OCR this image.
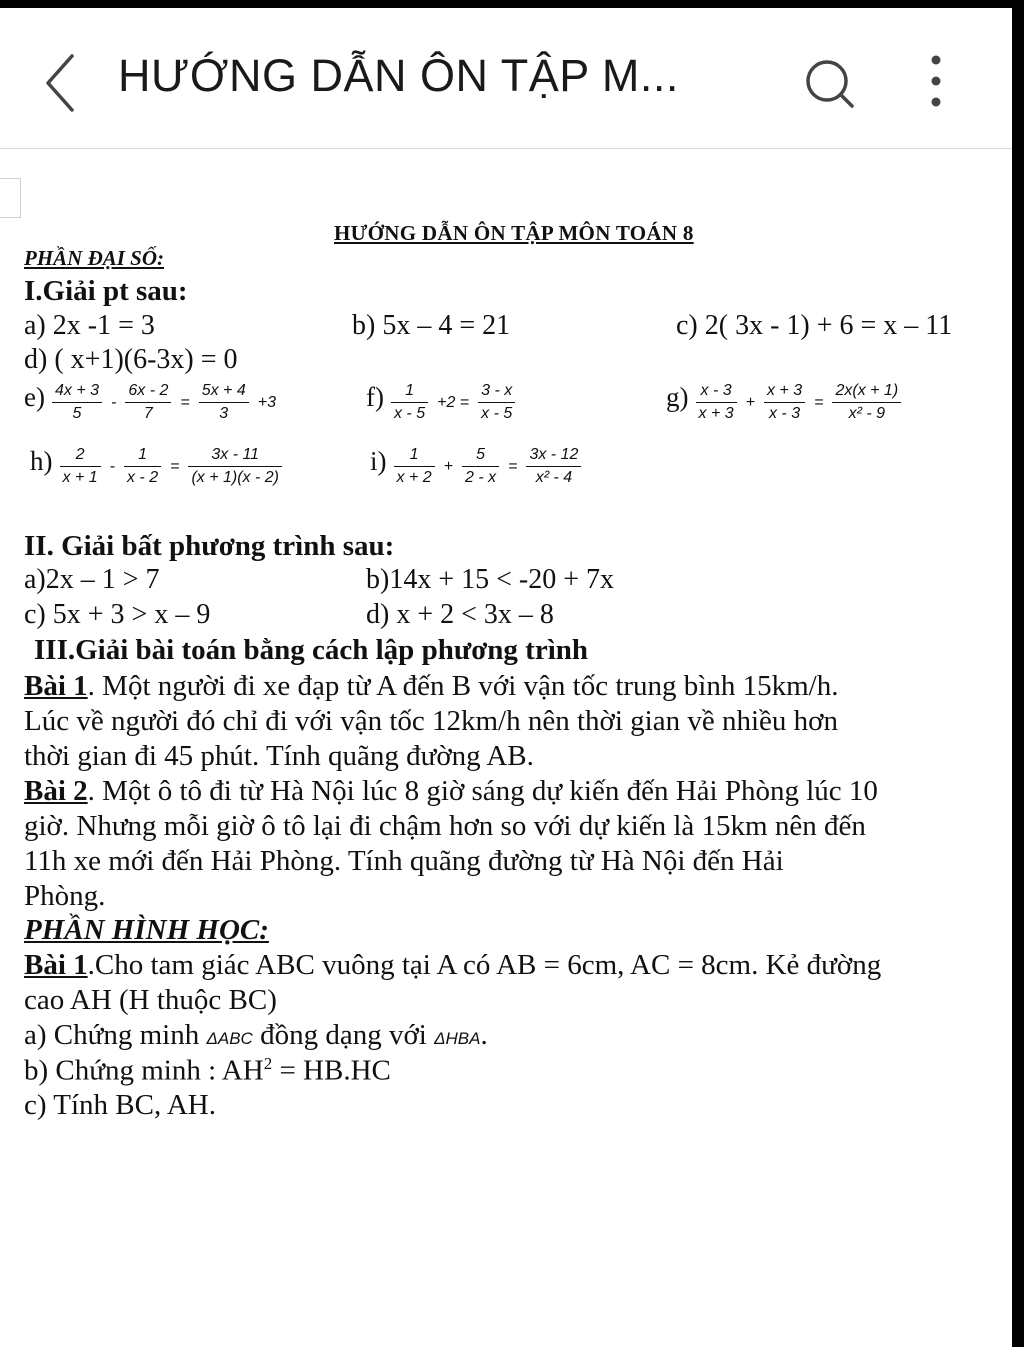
HƯỚNG DẪN ÔN TẬP M...
HƯỚNG DẪN ÔN TẬP MÔN TOÁN 8
PHẦN ĐẠI SỐ:
I.Giải pt sau:
a) 2x -1 = 3	b) 5x – 4 = 21	c) 2( 3x - 1) + 6 = x – 11
d) ( x+1)(6-3x) = 0
$e) \frac{4x + 3}{5} - \frac{6x - 2}{7} = \frac{5x + 4}{3} +3$	$f) \frac{1}{x - 5} +2 = \frac{3 - x}{x - 5}$	$g) \frac{x - 3}{x + 3} + \frac{x + 3}{x - 3} = \frac{2x(x + 1)}{\text{x² - 9}}$
$h) \frac{2}{x + 1} - \frac{1}{x - 2} = \frac{3x - 11}{(x + 1)(x - 2)}$	$i) \frac{1}{x + 2} + \frac{5}{2 - x} = \frac{3x - 12}{\text{x² - 4}}$
II. Giải bất phương trình sau:
a)2x – 1 > 7	b)14x + 15 < -20 + 7x
c) 5x + 3 > x – 9	d) x + 2 < 3x – 8
III.Giải bài toán bằng cách lập phương trình
Bài 1. Một người đi xe đạp từ A đến B với vận tốc trung bình 15km/h.
Lúc về người đó chỉ đi với vận tốc 12km/h nên thời gian về nhiều hơn
thời gian đi 45 phút. Tính quãng đường AB.
Bài 2. Một ô tô đi từ Hà Nội lúc 8 giờ sáng dự kiến đến Hải Phòng lúc 10
giờ. Nhưng mỗi giờ ô tô lại đi chậm hơn so với dự kiến là 15km nên đến
11h xe mới đến Hải Phòng. Tính quãng đường từ Hà Nội đến Hải
Phòng.
PHẦN HÌNH HỌC:
Bài 1.Cho tam giác ABC vuông tại A có AB = 6cm, AC = 8cm. Kẻ đường
cao AH (H thuộc BC)
a) Chứng minh ΔABC đồng dạng với ΔHBA.
b) Chứng minh : $AH^2 = HB.HC$
c) Tính BC, AH.
